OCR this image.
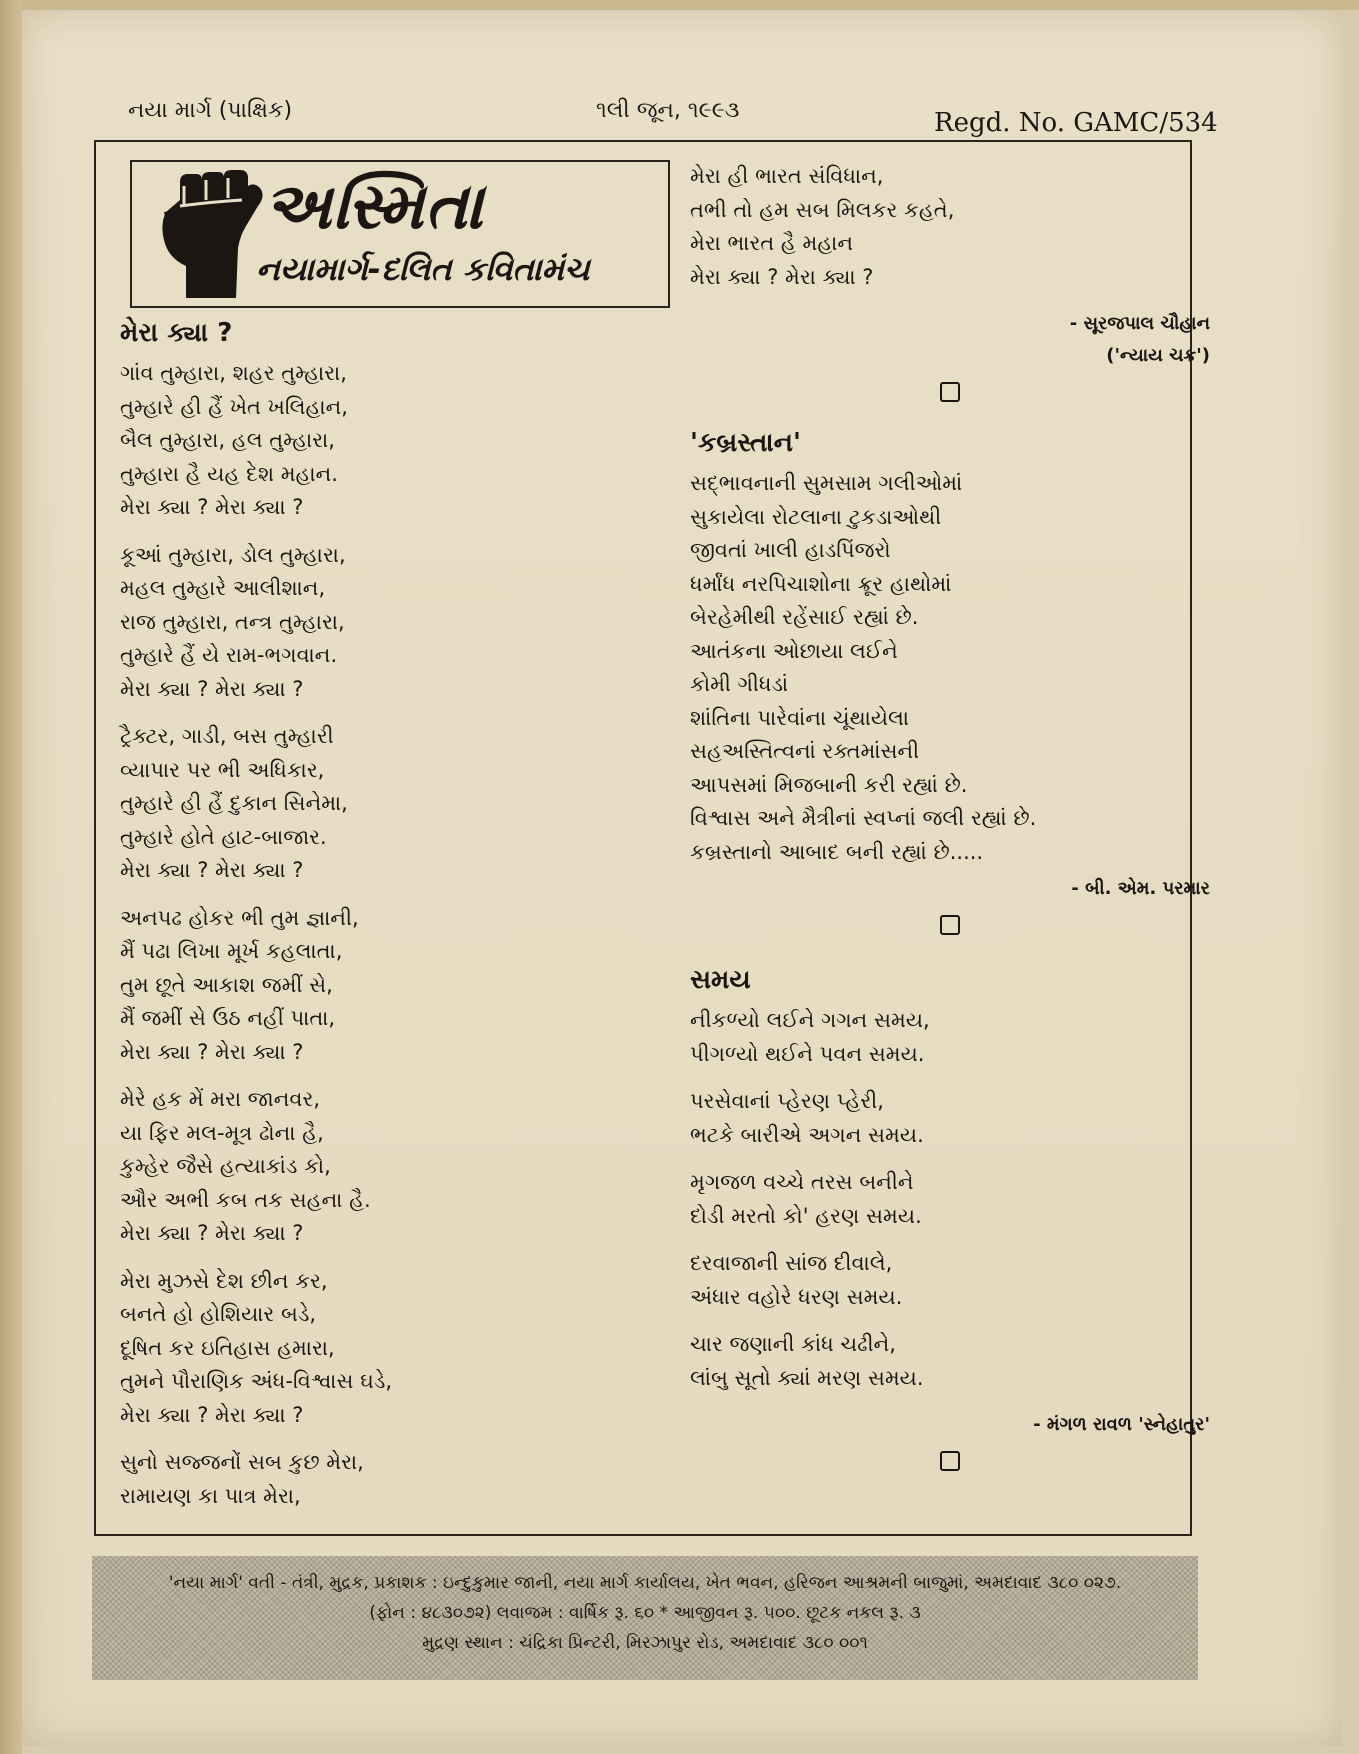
નયા માર્ગ (પાક્ષિક)	૧લી જૂન, ૧૯૯૩	Regd. No. GAMC/534
અસ્મિતા
નયામાર્ગ-દલિત કવિતામંચ
મેરા ક્યા ?
ગાંવ તુમ્હારા, શહર તુમ્હારા,
તુમ્હારે હી હૈં ખેત ખલિહાન,
બૈલ તુમ્હારા, હલ તુમ્હારા,
તુમ્હારા હૈ યહ દેશ મહાન.
મેરા ક્યા ? મેરા ક્યા ?
કૂઆં તુમ્હારા, ડોલ તુમ્હારા,
મહલ તુમ્હારે આલીશાન,
રાજ તુમ્હારા, તન્ત્ર તુમ્હારા,
તુમ્હારે હૈં યે રામ-ભગવાન.
મેરા ક્યા ? મેરા ક્યા ?
ટ્રૈક્ટર, ગાડી, બસ તુમ્હારી
વ્યાપાર પર ભી અધિકાર,
તુમ્હારે હી હૈં દુકાન સિનેમા,
તુમ્હારે હોતે હાટ-બાજાર.
મેરા ક્યા ? મેરા ક્યા ?
અનપઢ હોકર ભી તુમ જ્ઞાની,
મૈં પઢા લિખા મૂર્ખ કહલાતા,
તુમ છૂતે આકાશ જમીં સે,
મૈં જમીં સે ઉઠ નહીં પાતા,
મેરા ક્યા ? મેરા ક્યા ?
મેરે હક મેં મરા જાનવર,
યા ફિર મલ-મૂત્ર ઢોના હૈ,
કુમ્હેર જૈસે હત્યાકાંડ કો,
ઔર અભી કબ તક સહના હૈ.
મેરા ક્યા ? મેરા ક્યા ?
મેરા મુઝસે દેશ છીન કર,
બનતે હો હોશિયાર બડે,
દૂષિત કર ઇતિહાસ હમારા,
તુમને પૌરાણિક અંધ-વિશ્વાસ ઘડે,
મેરા ક્યા ? મેરા ક્યા ?
સુનો સજ્જનોં સબ કુછ મેરા,
રામાયણ કા પાત્ર મેરા,
મેરા હી ભારત સંવિધાન,
તભી તો હમ સબ મિલકર કહતે,
મેરા ભારત હૈ મહાન
મેરા ક્યા ? મેરા ક્યા ?
- સૂરજપાલ ચૌહાન
('ન્યાય ચક્ર')
'કબ્રસ્તાન'
સદ્ભાવનાની સુમસામ ગલીઓમાં
સુકાયેલા રોટલાના ટુકડાઓથી
જીવતાં ખાલી હાડપિંજરો
ધર્માંધ નરપિચાશોના ક્રૂર હાથોમાં
બેરહેમીથી રહેંસાઈ રહ્યાં છે.
આતંકના ઓછાયા લઈને
કોમી ગીધડાં
શાંતિના પારેવાંના ચૂંથાયેલા
સહઅસ્તિત્વનાં રક્તમાંસની
આપસમાં મિજબાની કરી રહ્યાં છે.
વિશ્વાસ અને મૈત્રીનાં સ્વપ્નાં જલી રહ્યાં છે.
કબ્રસ્તાનો આબાદ બની રહ્યાં છે.....
- બી. એમ. પરમાર
સમય
નીકળ્યો લઈને ગગન સમય,
પીગળ્યો થઈને પવન સમય.
પરસેવાનાં પ્હેરણ પ્હેરી,
ભટકે બારીએ અગન સમય.
મૃગજળ વચ્ચે તરસ બનીને
દોડી મરતો કો' હરણ સમય.
દરવાજાની સાંજ દીવાલે,
અંધાર વહોરે ધરણ સમય.
ચાર જણાની કાંધ ચઢીને,
લાંબુ સૂતો ક્યાં મરણ સમય.
- મંગળ રાવળ 'સ્નેહાતુર'
'નયા માર્ગ' વતી - તંત્રી, મુદ્રક, પ્રકાશક : ઇન્દુકુમાર જાની, નયા માર્ગ કાર્યાલય, ખેત ભવન, હરિજન આશ્રમની બાજુમાં, અમદાવાદ ૩૮૦ ૦૨૭.
(ફોન : ૪૮૩૦૭૨) લવાજમ : વાર્ષિક રૂ. ૬૦ * આજીવન રૂ. ૫૦૦. છૂટક નકલ રૂ. ૩
મુદ્રણ સ્થાન : ચંદ્રિકા પ્રિન્ટરી, મિરઝાપુર રોડ, અમદાવાદ ૩૮૦ ૦૦૧
